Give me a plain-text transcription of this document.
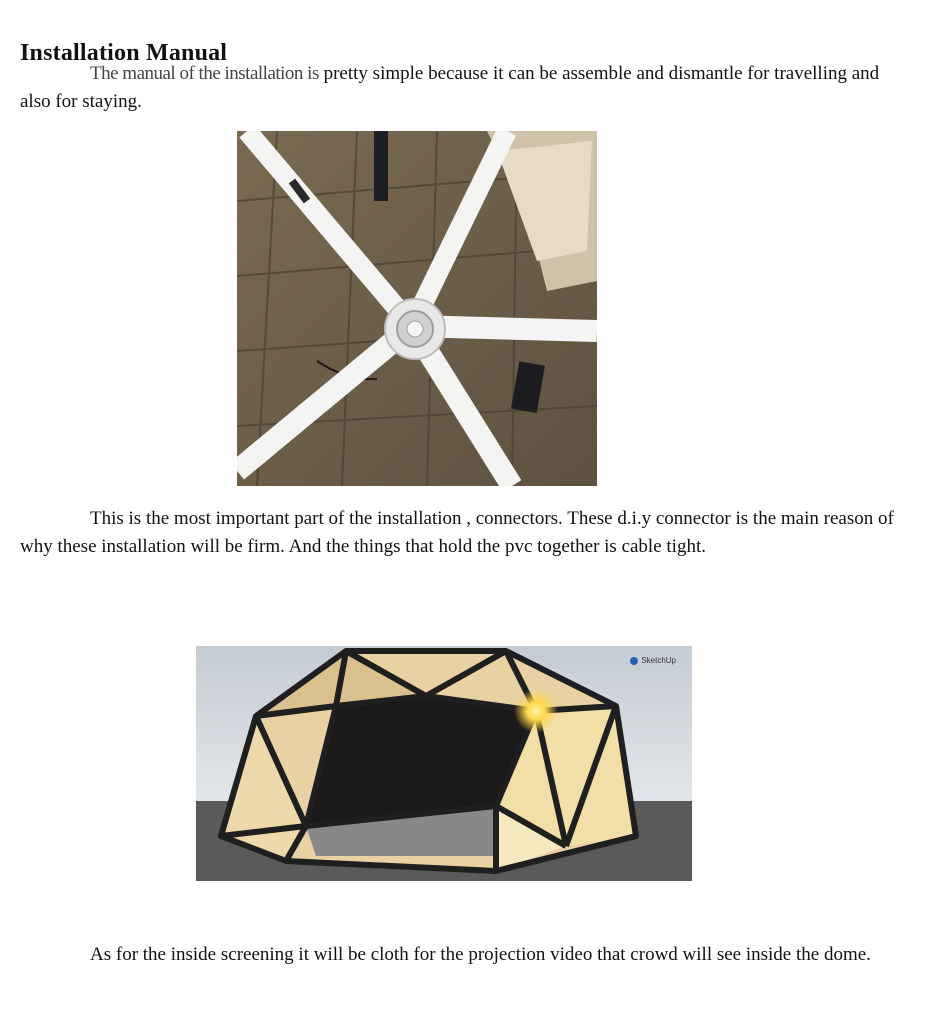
Installation Manual

The manual of the installation is pretty simple because it can be assemble and dismantle for travelling and also for staying.

This is the most important part of the installation , connectors. These d.i.y connector is the main reason of why these installation will be firm. And the things that hold the pvc together is cable tight.

SketchUp

As for the inside screening it will be cloth for the projection video that crowd will see inside the dome.
